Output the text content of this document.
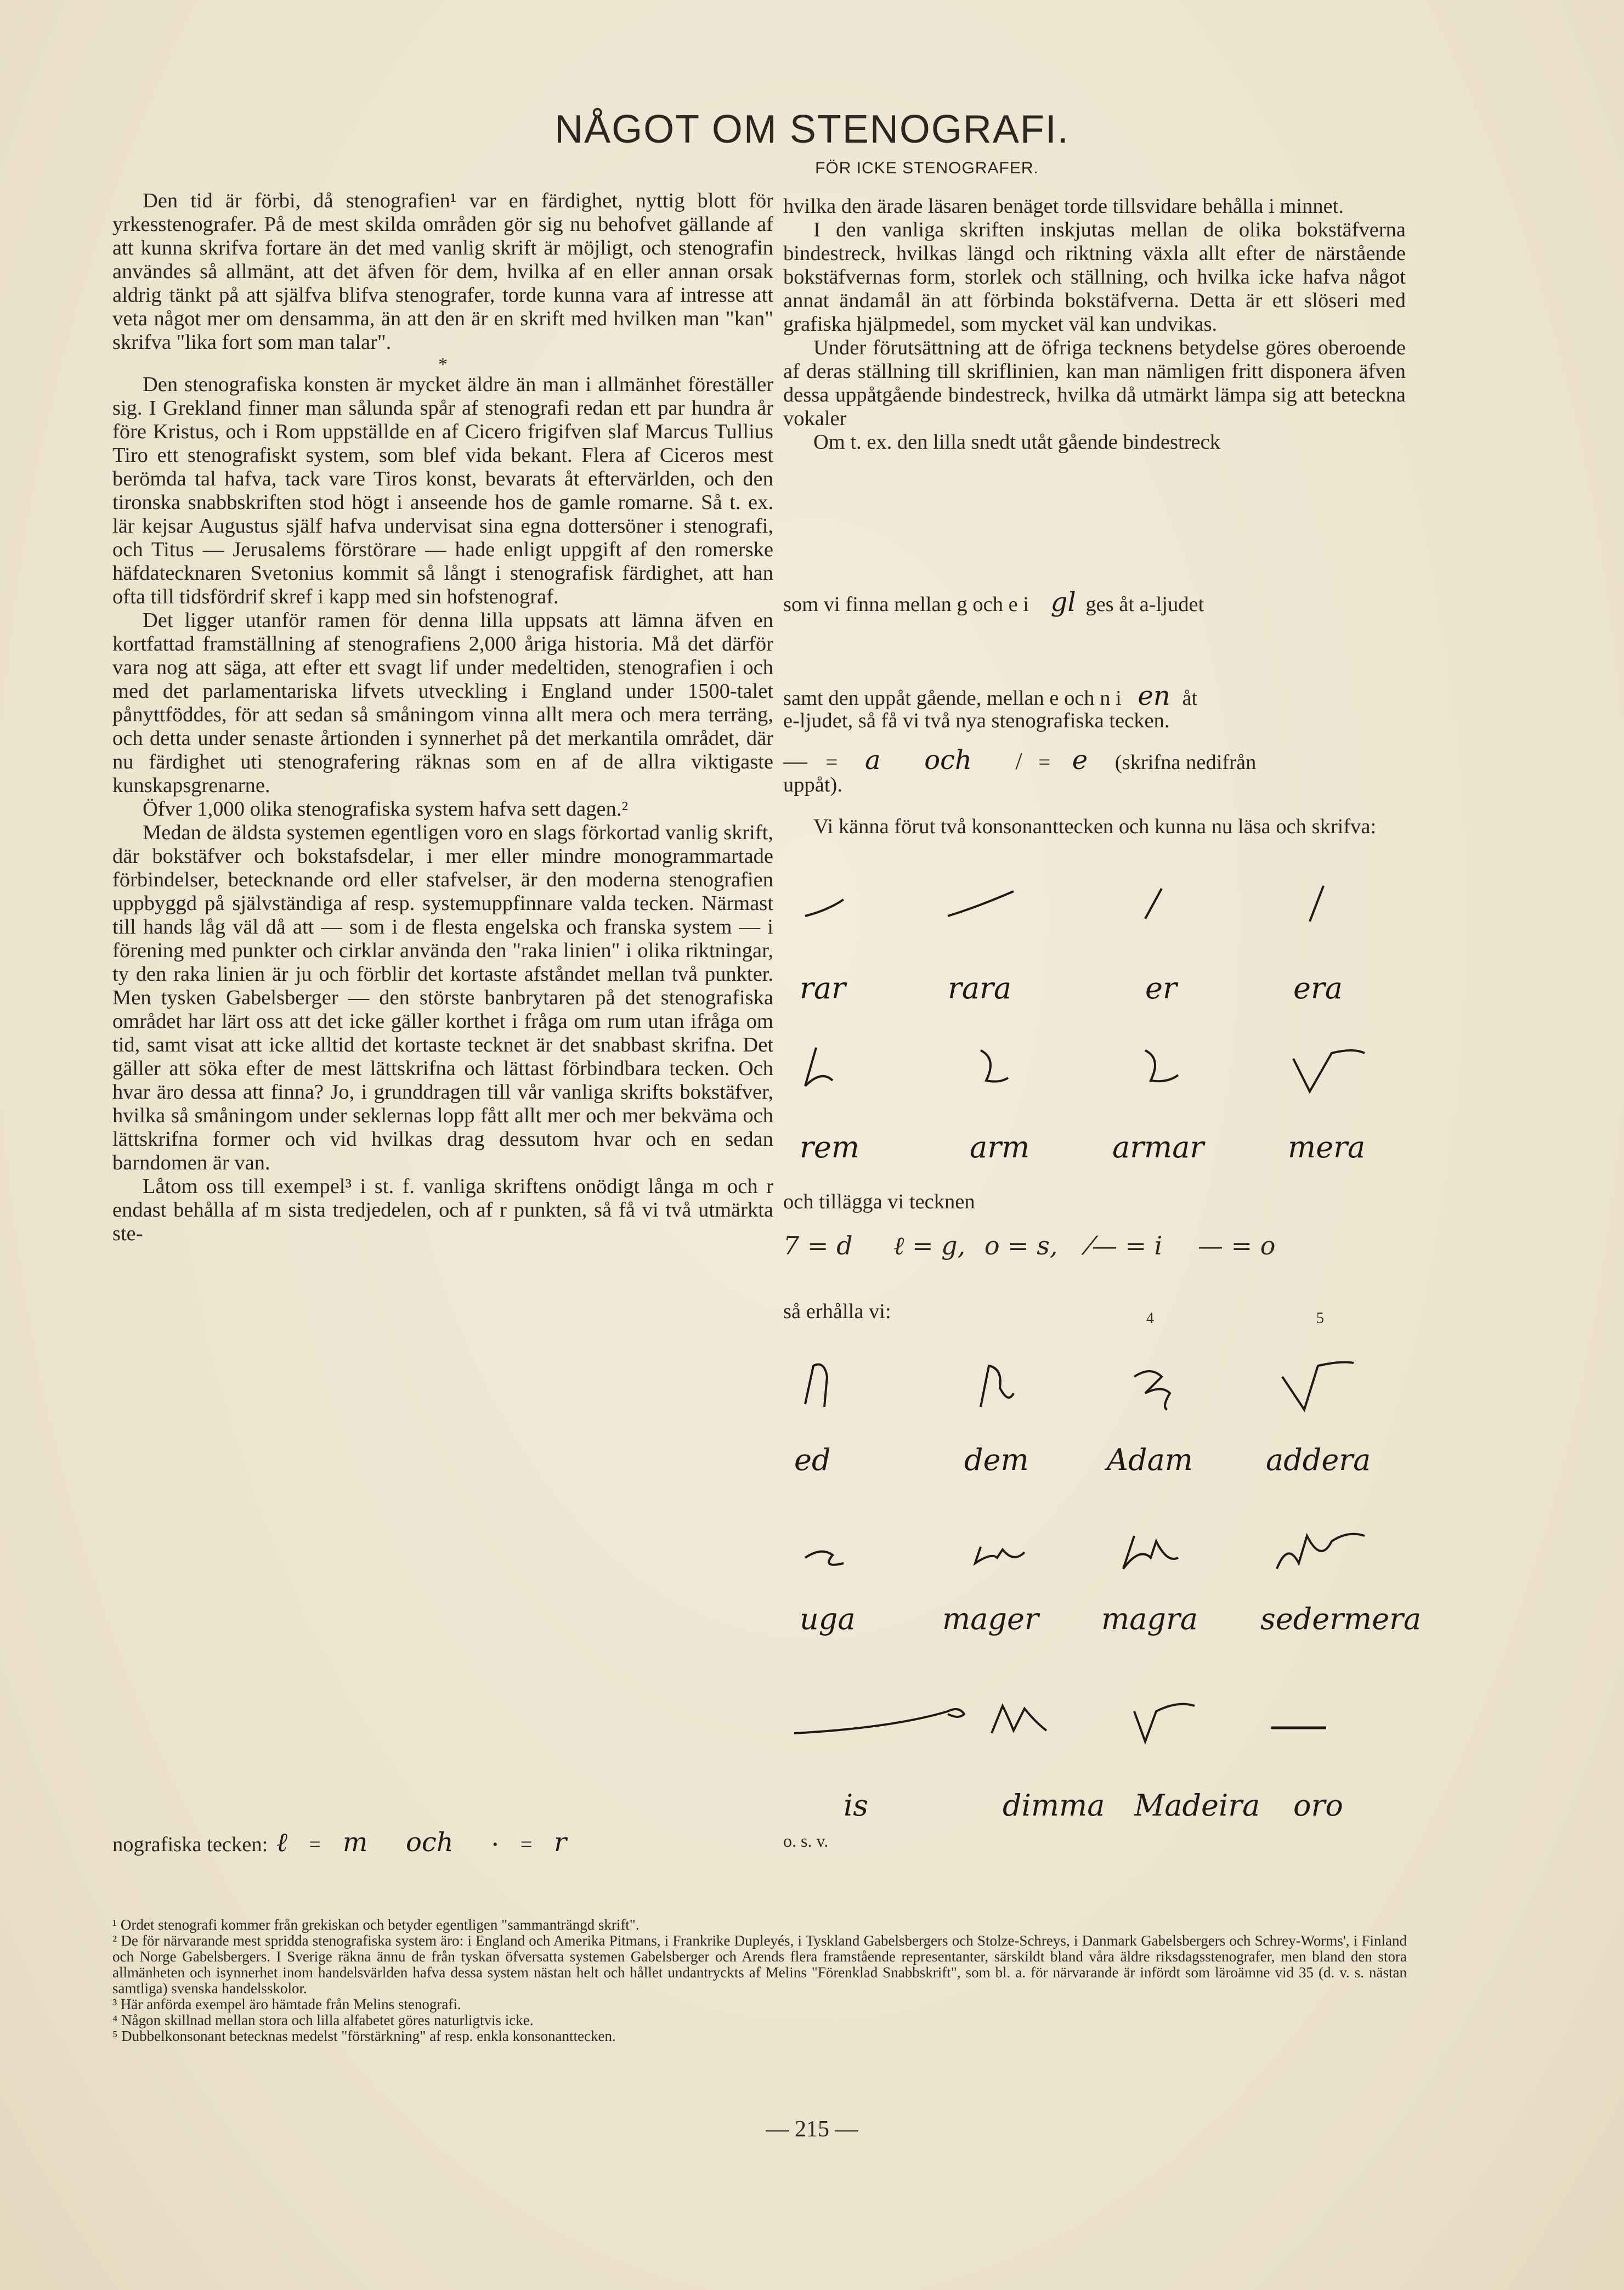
NÅGOT OM STENOGRAFI.
FÖR ICKE STENOGRAFER.

Den tid är förbi, då stenografien¹ var en färdighet, nyttig blott för yrkesstenografer. På de mest skilda områden gör sig nu behofvet gällande af att kunna skrifva fortare än det med vanlig skrift är möjligt, och stenografin användes så allmänt, att det äfven för dem, hvilka af en eller annan orsak aldrig tänkt på att själfva blifva stenografer, torde kunna vara af intresse att veta något mer om densamma, än att den är en skrift med hvilken man "kan" skrifva "lika fort som man talar".

*

Den stenografiska konsten är mycket äldre än man i allmänhet föreställer sig. I Grekland finner man sålunda spår af stenografi redan ett par hundra år före Kristus, och i Rom uppställde en af Cicero frigifven slaf Marcus Tullius Tiro ett stenografiskt system, som blef vida bekant. Flera af Ciceros mest berömda tal hafva, tack vare Tiros konst, bevarats åt eftervärlden, och den tironska snabbskriften stod högt i anseende hos de gamle romarne. Så t. ex. lär kejsar Augustus själf hafva undervisat sina egna dottersöner i stenografi, och Titus — Jerusalems förstörare — hade enligt uppgift af den romerske häfdatecknaren Svetonius kommit så långt i stenografisk färdighet, att han ofta till tidsfördrif skref i kapp med sin hofstenograf.

Det ligger utanför ramen för denna lilla uppsats att lämna äfven en kortfattad framställning af stenografiens 2,000 åriga historia. Må det därför vara nog att säga, att efter ett svagt lif under medeltiden, stenografien i och med det parlamentariska lifvets utveckling i England under 1500-talet pånyttföddes, för att sedan så småningom vinna allt mera och mera terräng, och detta under senaste årtionden i synnerhet på det merkantila området, där nu färdighet uti stenografering räknas som en af de allra viktigaste kunskapsgrenarne.

Öfver 1,000 olika stenografiska system hafva sett dagen.²

Medan de äldsta systemen egentligen voro en slags förkortad vanlig skrift, där bokstäfver och bokstafsdelar, i mer eller mindre monogrammartade förbindelser, betecknande ord eller stafvelser, är den moderna stenografien uppbyggd på självständiga af resp. systemuppfinnare valda tecken. Närmast till hands låg väl då att — som i de flesta engelska och franska system — i förening med punkter och cirklar använda den "raka linien" i olika riktningar, ty den raka linien är ju och förblir det kortaste afståndet mellan två punkter. Men tysken Gabelsberger — den störste banbrytaren på det stenografiska området har lärt oss att det icke gäller korthet i fråga om rum utan ifråga om tid, samt visat att icke alltid det kortaste tecknet är det snabbast skrifna. Det gäller att söka efter de mest lättskrifna och lättast förbindbara tecken. Och hvar äro dessa att finna? Jo, i grunddragen till vår vanliga skrifts bokstäfver, hvilka så småningom under seklernas lopp fått allt mer och mer bekväma och lättskrifna former och vid hvilkas drag dessutom hvar och en sedan barndomen är van.

Låtom oss till exempel³ i st. f. vanliga skriftens onödigt långa m och r endast behålla af m sista tredjedelen, och af r punkten, så få vi två utmärkta ste-

nografiska tecken: ℓ = m och · = r

hvilka den ärade läsaren benäget torde tillsvidare behålla i minnet.

I den vanliga skriften inskjutas mellan de olika bokstäfverna bindestreck, hvilkas längd och riktning växla allt efter de närstående bokstäfvernas form, storlek och ställning, och hvilka icke hafva något annat ändamål än att förbinda bokstäfverna. Detta är ett slöseri med grafiska hjälpmedel, som mycket väl kan undvikas.

Under förutsättning att de öfriga tecknens betydelse göres oberoende af deras ställning till skriflinien, kan man nämligen fritt disponera äfven dessa uppåtgående bindestreck, hvilka då utmärkt lämpa sig att beteckna vokaler

Om t. ex. den lilla snedt utåt gående bindestreck

som vi finna mellan g och e i gl ges åt a-ljudet
samt den uppåt gående, mellan e och n i en åt
e-ljudet, så få vi två nya stenografiska tecken.
— = a och / = e (skrifna nedifrån
uppåt).

Vi känna förut två konsonanttecken och kunna nu läsa och skrifva:

rar	rara	er	era
rem	arm	armar	mera
och tillägga vi tecknen
7 = d ℓ = g, o = s, ⁄— = i — = o
så erhålla vi:	4	5
ed	dem	Adam addera
uga	mager magra sedermera
is	dimma Madeira oro
o. s. v.

¹ Ordet stenografi kommer från grekiskan och betyder egentligen "sammanträngd skrift".

² De för närvarande mest spridda stenografiska system äro: i England och Amerika Pitmans, i Frankrike Dupleyés, i Tyskland Gabelsbergers och Stolze-Schreys, i Danmark Gabelsbergers och Schrey-Worms', i Finland och Norge Gabelsbergers. I Sverige räkna ännu de från tyskan öfversatta systemen Gabelsberger och Arends flera framstående representanter, särskildt bland våra äldre riksdagsstenografer, men bland den stora allmänheten och isynnerhet inom handelsvärlden hafva dessa system nästan helt och hållet undantryckts af Melins "Förenklad Snabbskrift", som bl. a. för närvarande är infördt som läroämne vid 35 (d. v. s. nästan samtliga) svenska handelsskolor.

³ Här anförda exempel äro hämtade från Melins stenografi.

⁴ Någon skillnad mellan stora och lilla alfabetet göres naturligtvis icke.

⁵ Dubbelkonsonant betecknas medelst "förstärkning" af resp. enkla konsonanttecken.

— 215 —
